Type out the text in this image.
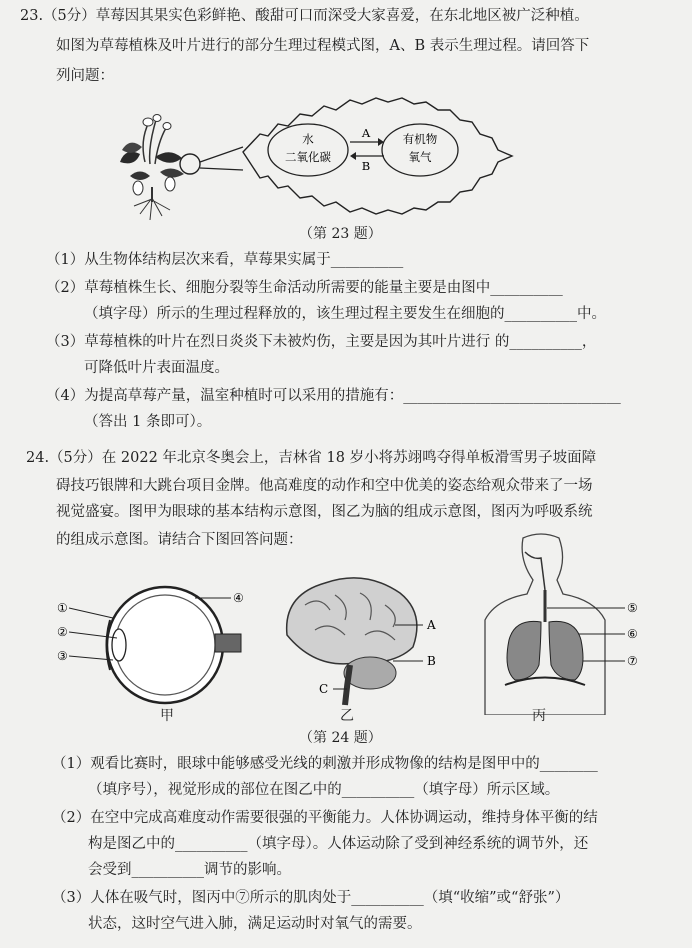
23.（5分）草莓因其果实色彩鲜艳、酸甜可口而深受大家喜爱，在东北地区被广泛种植。
如图为草莓植株及叶片进行的部分生理过程模式图，A、B 表示生理过程。请回答下
列问题：
水
二氧化碳
有机物
氧气
A
B
（第 23 题）
（1）从生物体结构层次来看，草莓果实属于__________
（2）草莓植株生长、细胞分裂等生命活动所需要的能量主要是由图中__________
（填字母）所示的生理过程释放的，该生理过程主要发生在细胞的__________中。
（3）草莓植株的叶片在烈日炎炎下未被灼伤，主要是因为其叶片进行 的__________，
可降低叶片表面温度。
（4）为提高草莓产量，温室种植时可以采用的措施有：______________________________
（答出 1 条即可）。
24.（5分）在 2022 年北京冬奥会上，吉林省 18 岁小将苏翊鸣夺得单板滑雪男子坡面障
碍技巧银牌和大跳台项目金牌。他高难度的动作和空中优美的姿态给观众带来了一场
视觉盛宴。图甲为眼球的基本结构示意图，图乙为脑的组成示意图，图丙为呼吸系统
的组成示意图。请结合下图回答问题：
①
②
③
④
A
B
C
⑤
⑥
⑦
甲	乙	丙
（第 24 题）
（1）观看比赛时，眼球中能够感受光线的刺激并形成物像的结构是图甲中的________
（填序号），视觉形成的部位在图乙中的__________（填字母）所示区域。
（2）在空中完成高难度动作需要很强的平衡能力。人体协调运动，维持身体平衡的结
构是图乙中的__________（填字母）。人体运动除了受到神经系统的调节外，还
会受到__________调节的影响。
（3）人体在吸气时，图丙中⑦所示的肌肉处于__________（填“收缩”或“舒张”）
状态，这时空气进入肺，满足运动时对氧气的需要。
